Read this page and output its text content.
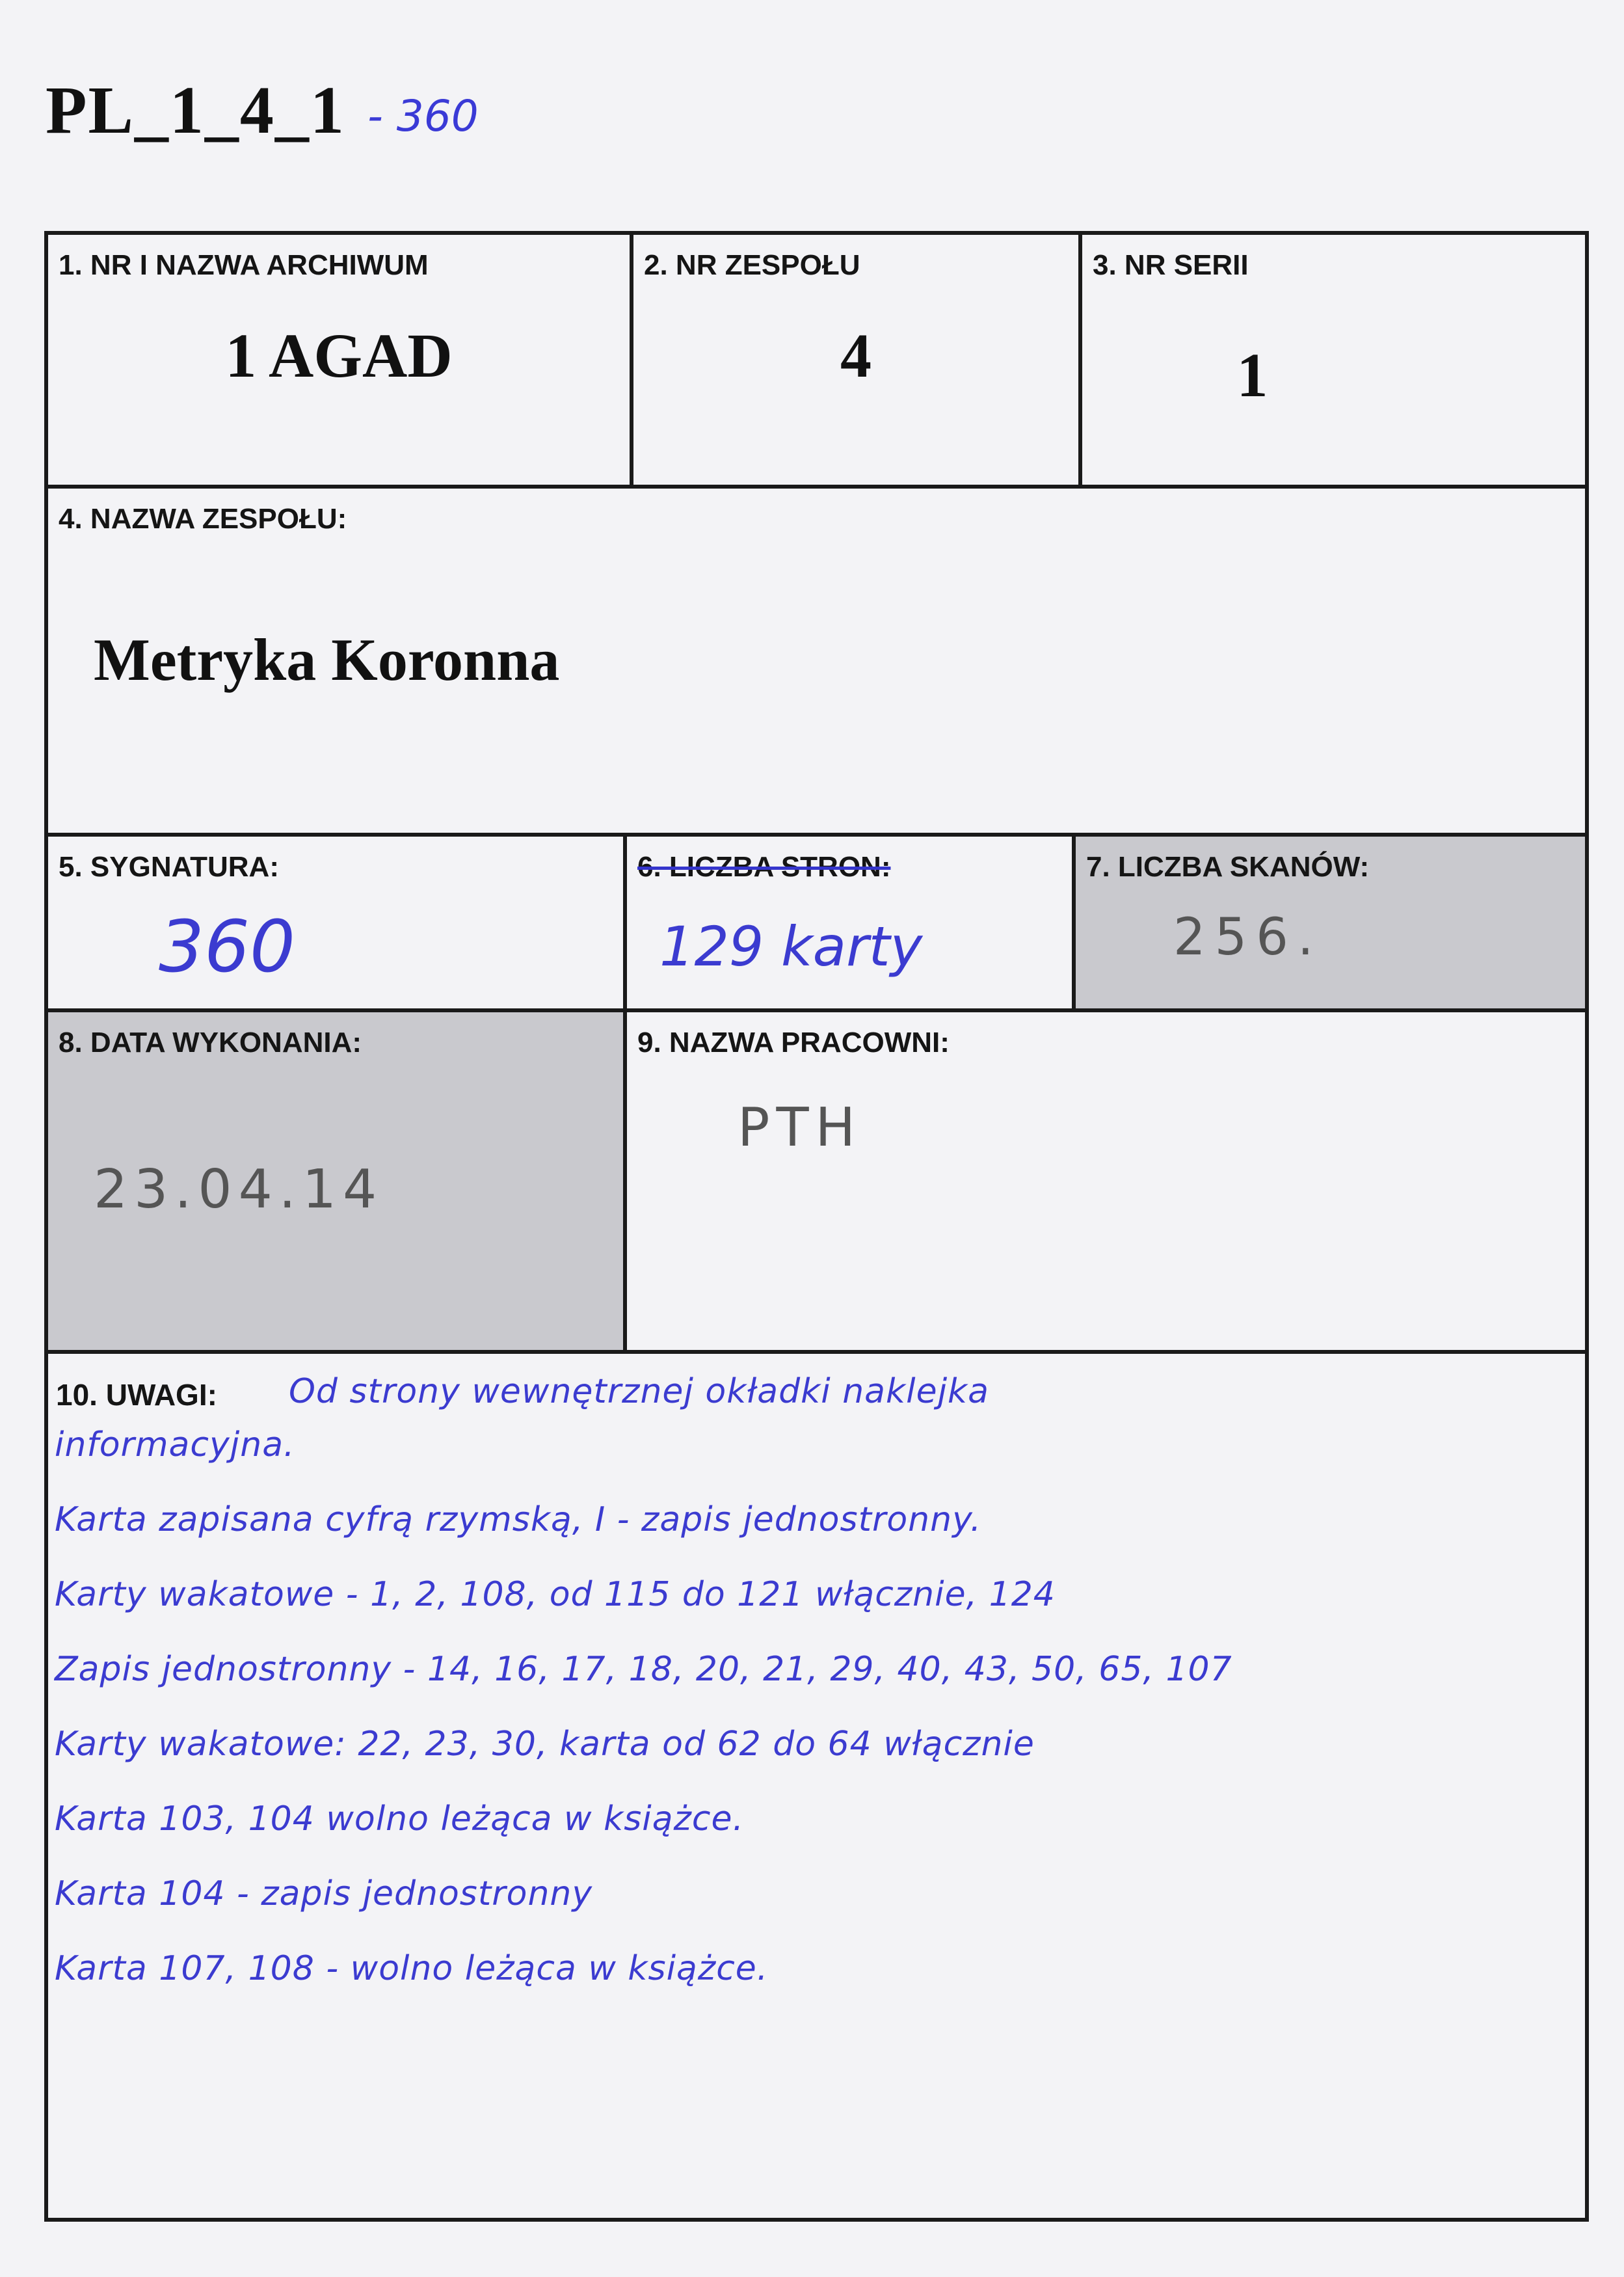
PL_1_4_1 - 360
1. NR I NAZWA ARCHIWUM
1 AGAD
2. NR ZESPOŁU
4
3. NR SERII
1
4. NAZWA ZESPOŁU:
Metryka Koronna
5. SYGNATURA:
360
6. LICZBA STRON:
129 karty
7. LICZBA SKANÓW:
256.
8. DATA WYKONANIA:
23.04.14
9. NAZWA PRACOWNI:
PTH
10. UWAGI: Od strony wewnętrznej okładki naklejka
informacyjna.
Karta zapisana cyfrą rzymską, I - zapis jednostronny.
Karty wakatowe - 1, 2, 108, od 115 do 121 włącznie, 124
Zapis jednostronny - 14, 16, 17, 18, 20, 21, 29, 40, 43, 50, 65, 107
Karty wakatowe: 22, 23, 30, karta od 62 do 64 włącznie
Karta 103, 104 wolno leżąca w książce.
Karta 104 - zapis jednostronny
Karta 107, 108 - wolno leżąca w książce.
